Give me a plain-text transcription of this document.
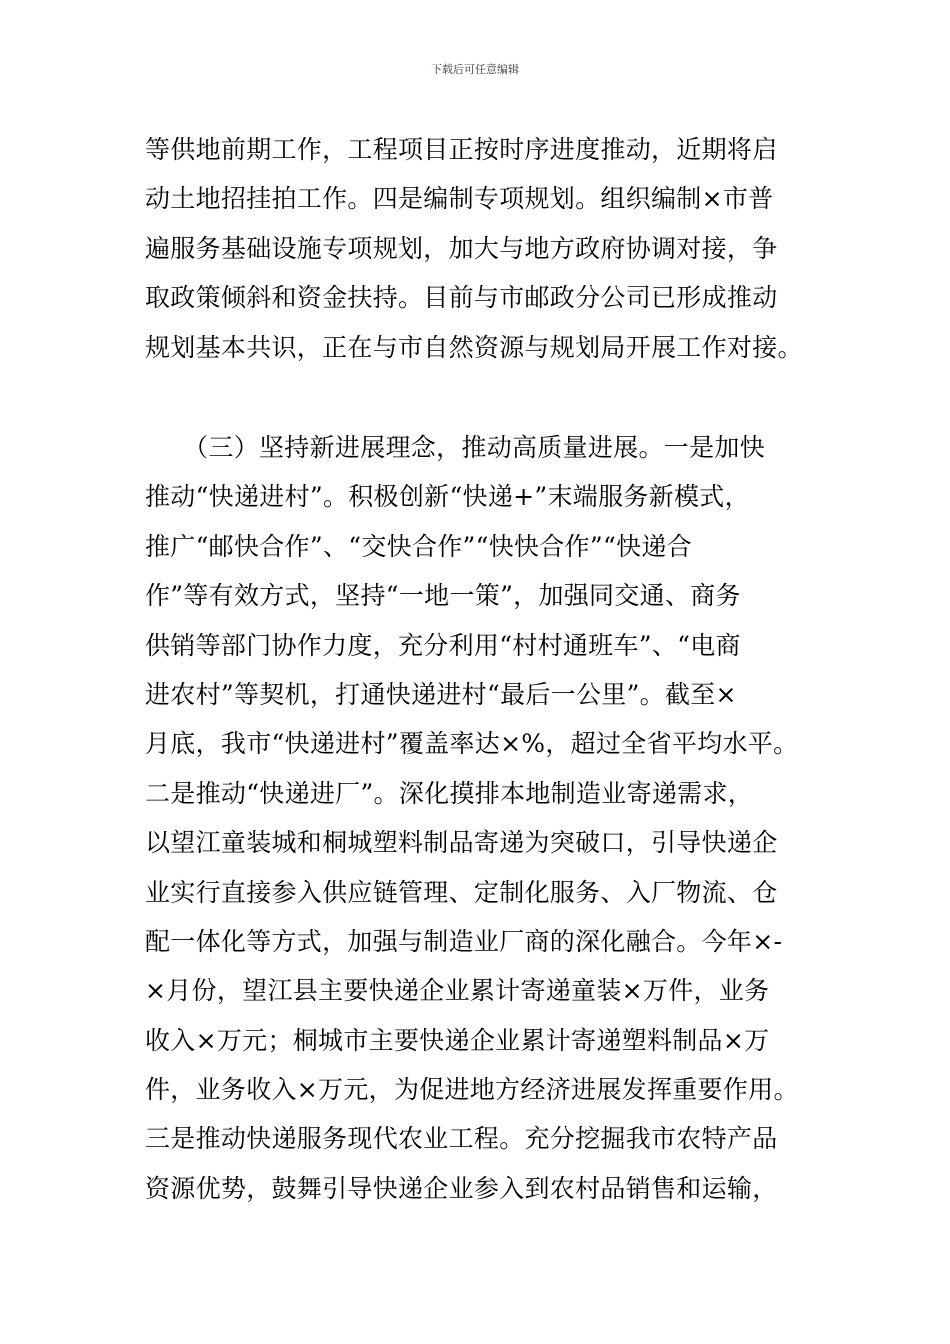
下载后可任意编辑
等供地前期工作，工程项目正按时序进度推动，近期将启
动土地招挂拍工作。四是编制专项规划。组织编制×市普
遍服务基础设施专项规划，加大与地方政府协调对接，争
取政策倾斜和资金扶持。目前与市邮政分公司已形成推动
规划基本共识，正在与市自然资源与规划局开展工作对接。
　　（三）坚持新进展理念，推动高质量进展。一是加快
推动“快递进村”。积极创新“快递+”末端服务新模式，
推广“邮快合作”、“交快合作”“快快合作”“快递合
作”等有效方式，坚持“一地一策”，加强同交通、商务
供销等部门协作力度，充分利用“村村通班车”、“电商
进农村”等契机，打通快递进村“最后一公里”。截至×
月底，我市“快递进村”覆盖率达×%，超过全省平均水平。
二是推动“快递进厂”。深化摸排本地制造业寄递需求，
以望江童装城和桐城塑料制品寄递为突破口，引导快递企
业实行直接参入供应链管理、定制化服务、入厂物流、仓
配一体化等方式，加强与制造业厂商的深化融合。今年×-
×月份，望江县主要快递企业累计寄递童装×万件，业务
收入×万元；桐城市主要快递企业累计寄递塑料制品×万
件，业务收入×万元，为促进地方经济进展发挥重要作用。
三是推动快递服务现代农业工程。充分挖掘我市农特产品
资源优势，鼓舞引导快递企业参入到农村品销售和运输，
